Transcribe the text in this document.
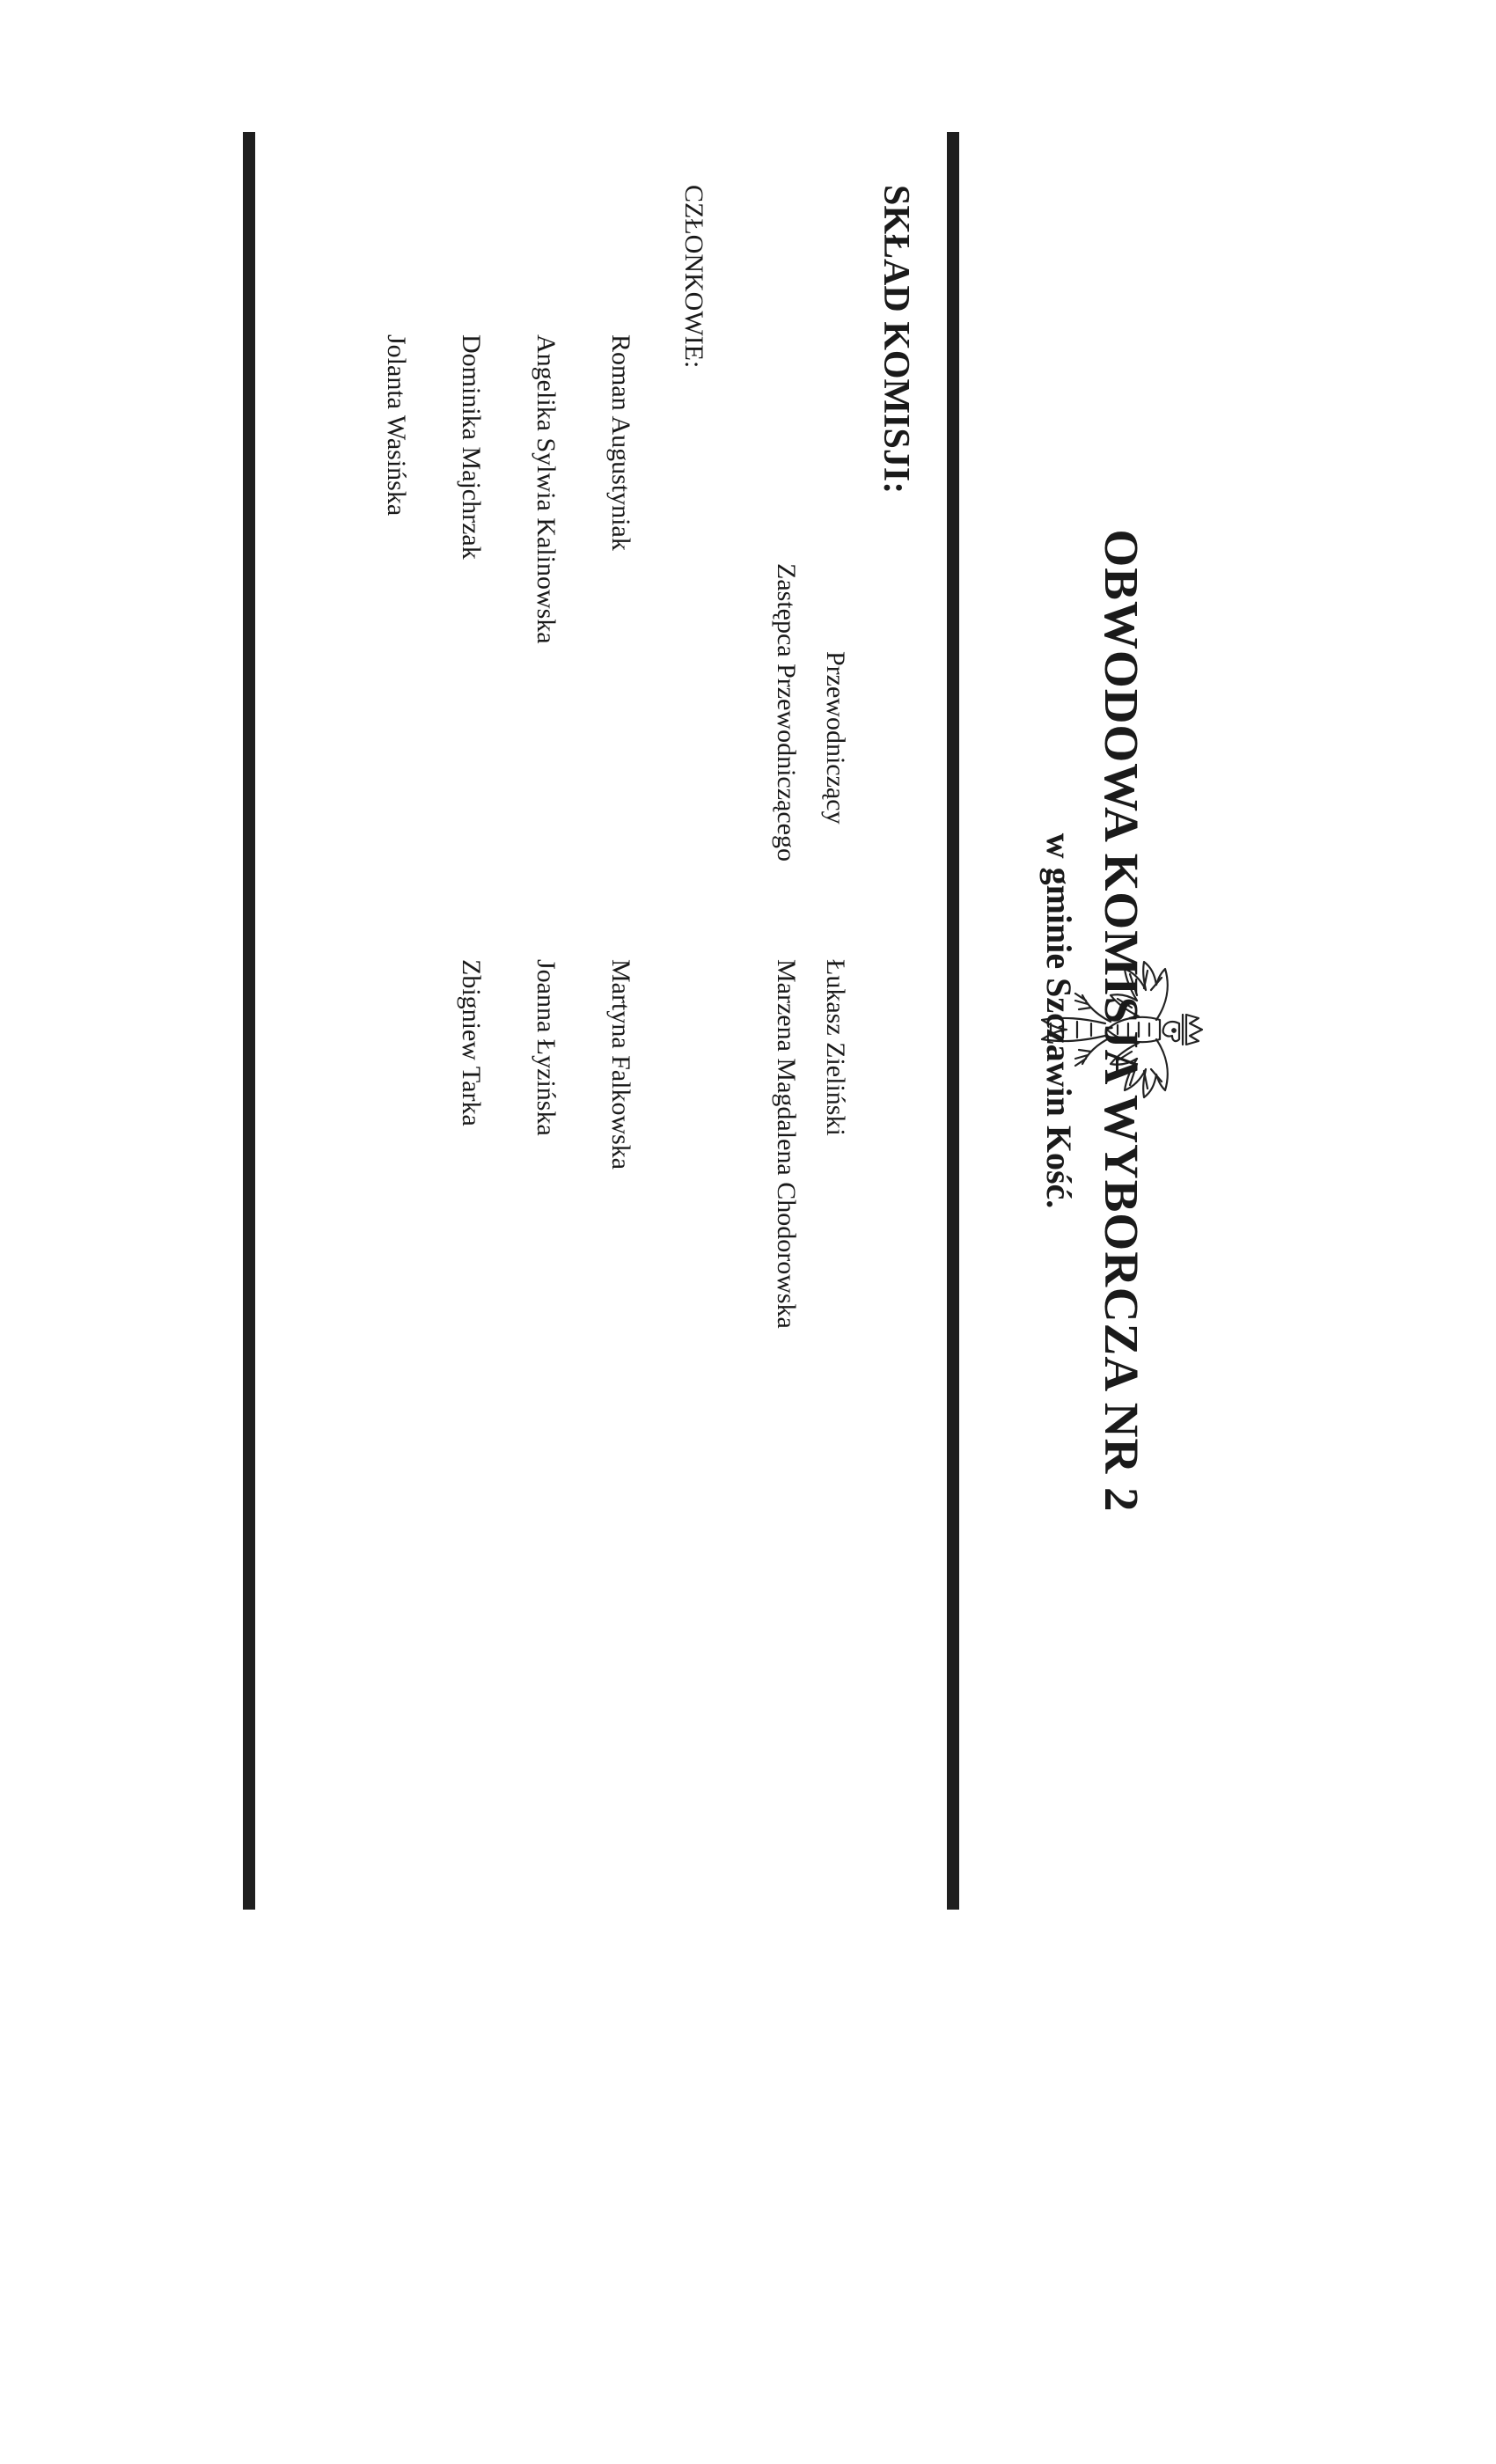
OBWODOWA KOMISJA WYBORCZA NR 2
w gminie Szczawin Kość.
SKŁAD KOMISJI:
Przewodniczący
Łukasz Zieliński
Zastępca Przewodniczącego
Marzena Magdalena Chodorowska
CZŁONKOWIE:
Roman Augustyniak
Martyna Falkowska
Angelika Sylwia Kalinowska
Joanna Łyzińska
Dominika Majchrzak
Zbigniew Tarka
Jolanta Wasińska
